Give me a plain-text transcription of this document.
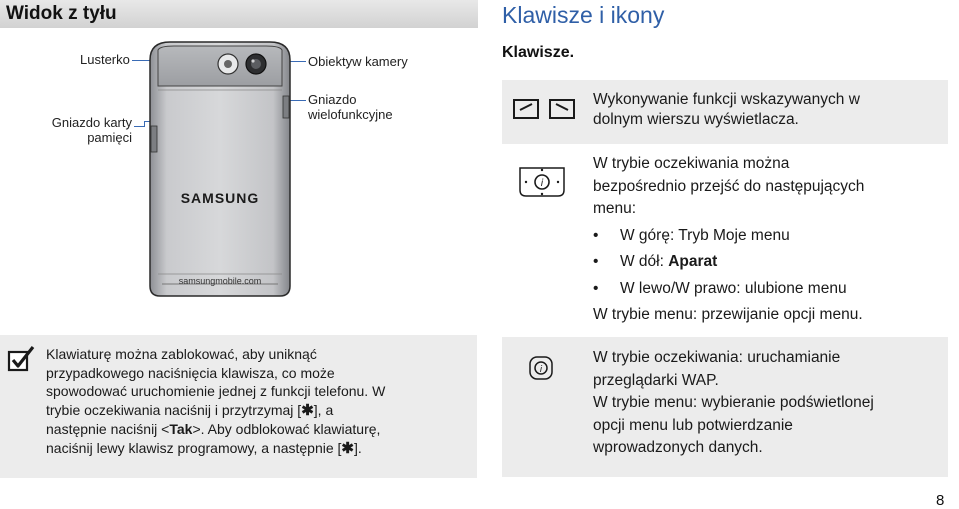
Widok z tyłu
Lusterko	Obiektyw kamery
Gniazdo karty
pamięci
Gniazdo
wielofunkcyjne
SAMSUNG
samsungmobile.com
Klawiaturę można zablokować, aby uniknąć
przypadkowego naciśnięcia klawisza, co może
spowodować uruchomienie jednej z funkcji telefonu. W
trybie oczekiwania naciśnij i przytrzymaj [✱], a
następnie naciśnij <Tak>. Aby odblokować klawiaturę,
naciśnij lewy klawisz programowy, a następnie [✱].
Klawisze i ikony
Klawisze.
Wykonywanie funkcji wskazywanych w
dolnym wierszu wyświetlacza.
i
W trybie oczekiwania można
bezpośrednio przejść do następujących
menu:
• W górę: Tryb Moje menu
• W dół: Aparat
• W lewo/W prawo: ulubione menu
W trybie menu: przewijanie opcji menu.
i
W trybie oczekiwania: uruchamianie
przeglądarki WAP.
W trybie menu: wybieranie podświetlonej
opcji menu lub potwierdzanie
wprowadzonych danych.
8
